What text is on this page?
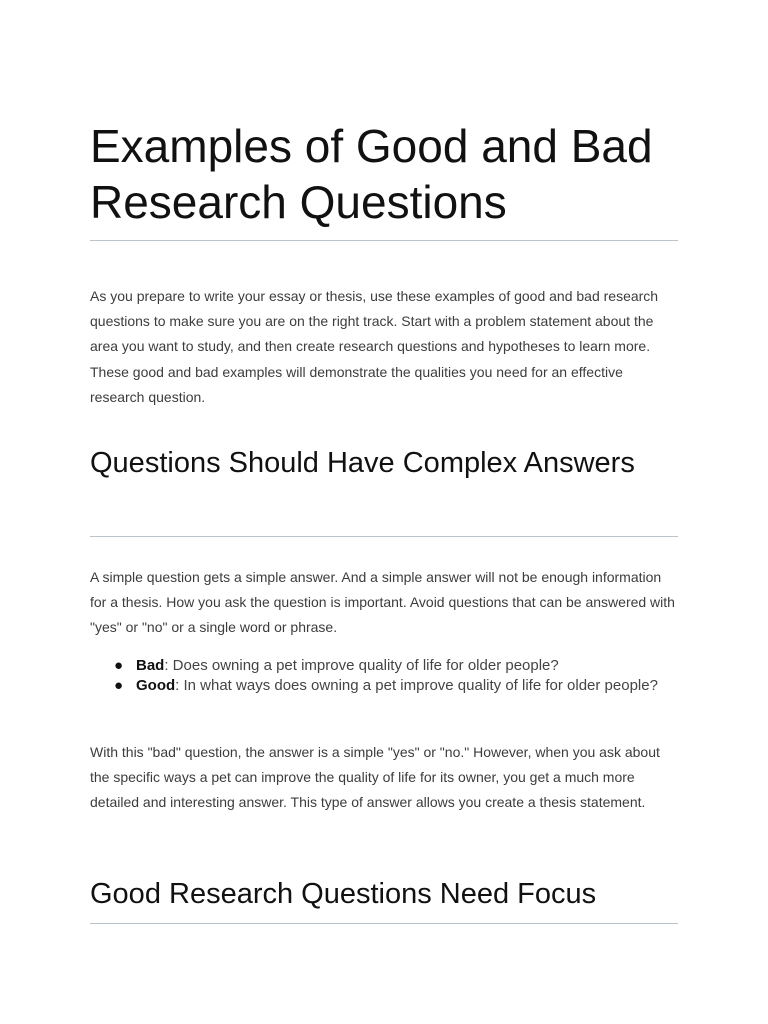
Examples of Good and Bad Research Questions

As you prepare to write your essay or thesis, use these examples of good and bad research questions to make sure you are on the right track. Start with a problem statement about the area you want to study, and then create research questions and hypotheses to learn more. These good and bad examples will demonstrate the qualities you need for an effective research question.

Questions Should Have Complex Answers

A simple question gets a simple answer. And a simple answer will not be enough information for a thesis. How you ask the question is important. Avoid questions that can be answered with "yes" or "no" or a single word or phrase.

● Bad: Does owning a pet improve quality of life for older people?
● Good: In what ways does owning a pet improve quality of life for older people?

With this "bad" question, the answer is a simple "yes" or "no." However, when you ask about the specific ways a pet can improve the quality of life for its owner, you get a much more detailed and interesting answer. This type of answer allows you create a thesis statement.

Good Research Questions Need Focus
